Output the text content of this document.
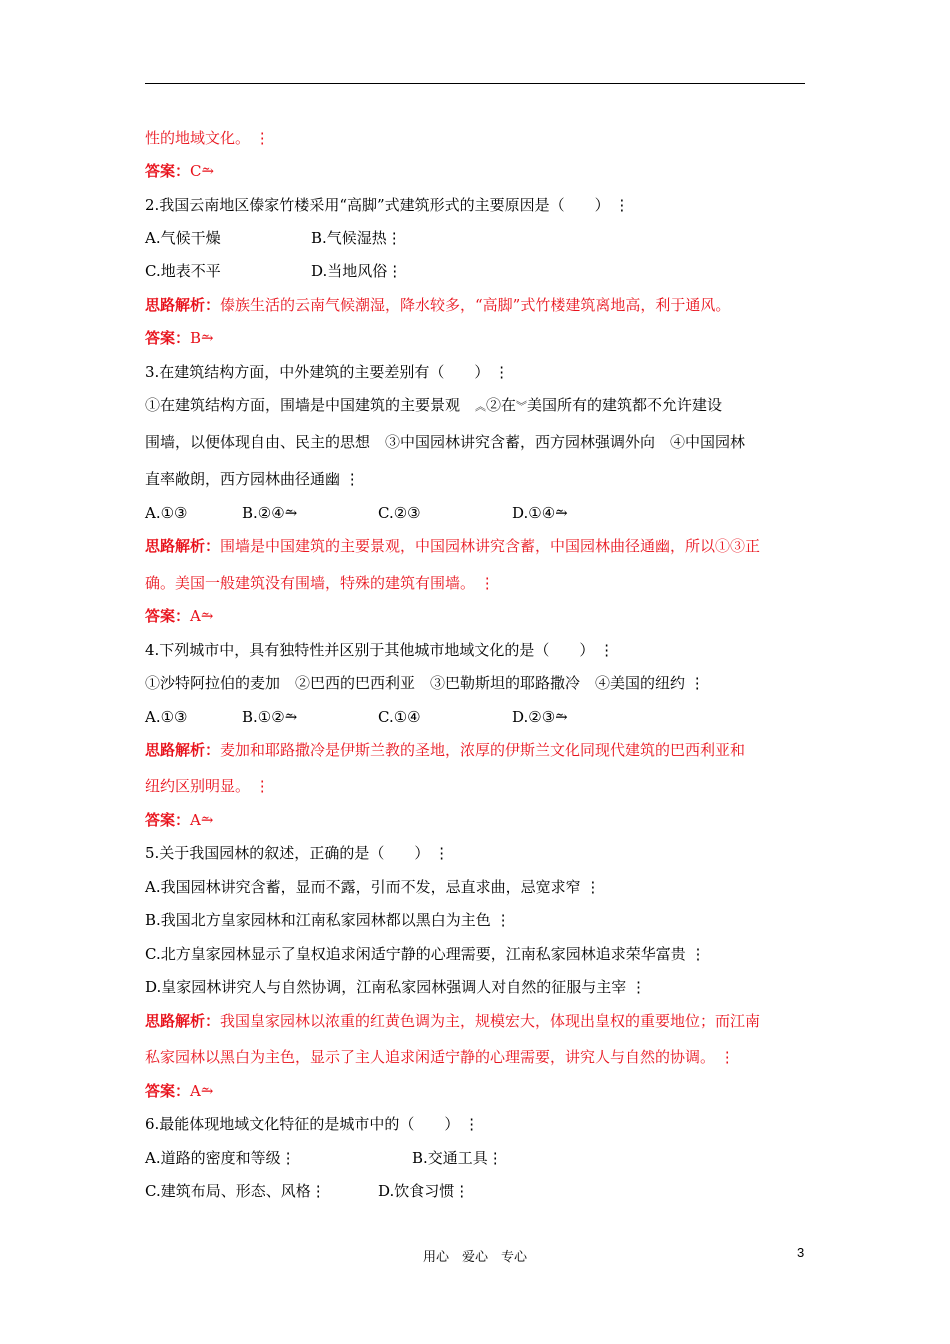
性的地域文化。 ⋮
答案：C⥲
2.我国云南地区傣家竹楼采用“高脚”式建筑形式的主要原因是（　　） ⋮
A.气候干燥	B.气候湿热⋮
C.地表不平	D.当地风俗⋮
思路解析：傣族生活的云南气候潮湿，降水较多，“高脚”式竹楼建筑离地高，利于通风。
答案：B⥲
3.在建筑结构方面，中外建筑的主要差别有（　　） ⋮
①在建筑结构方面，围墙是中国建筑的主要景观　 ︽②在︾美国所有的建筑都不允许建设
围墙，以便体现自由、民主的思想　③中国园林讲究含蓄，西方园林强调外向　④中国园林
直率敞朗，西方园林曲径通幽 ⋮
A.①③	B.②④⥲	C.②③	D.①④⥲
思路解析：围墙是中国建筑的主要景观，中国园林讲究含蓄，中国园林曲径通幽，所以①③正
确。美国一般建筑没有围墙，特殊的建筑有围墙。 ⋮
答案：A⥲
4.下列城市中，具有独特性并区别于其他城市地域文化的是（　　） ⋮
①沙特阿拉伯的麦加　②巴西的巴西利亚　③巴勒斯坦的耶路撒冷　④美国的纽约 ⋮
A.①③	B.①②⥲	C.①④	D.②③⥲
思路解析：麦加和耶路撒冷是伊斯兰教的圣地，浓厚的伊斯兰文化同现代建筑的巴西利亚和
纽约区别明显。 ⋮
答案：A⥲
5.关于我国园林的叙述，正确的是（　　） ⋮
A.我国园林讲究含蓄，显而不露，引而不发，忌直求曲，忌宽求窄 ⋮
B.我国北方皇家园林和江南私家园林都以黑白为主色 ⋮
C.北方皇家园林显示了皇权追求闲适宁静的心理需要，江南私家园林追求荣华富贵 ⋮
D.皇家园林讲究人与自然协调，江南私家园林强调人对自然的征服与主宰 ⋮
思路解析：我国皇家园林以浓重的红黄色调为主，规模宏大，体现出皇权的重要地位；而江南
私家园林以黑白为主色，显示了主人追求闲适宁静的心理需要，讲究人与自然的协调。 ⋮
答案：A⥲
6.最能体现地域文化特征的是城市中的（　　） ⋮
A.道路的密度和等级⋮	B.交通工具⋮
C.建筑布局、形态、风格⋮	D.饮食习惯⋮
用心　爱心　专心	3
